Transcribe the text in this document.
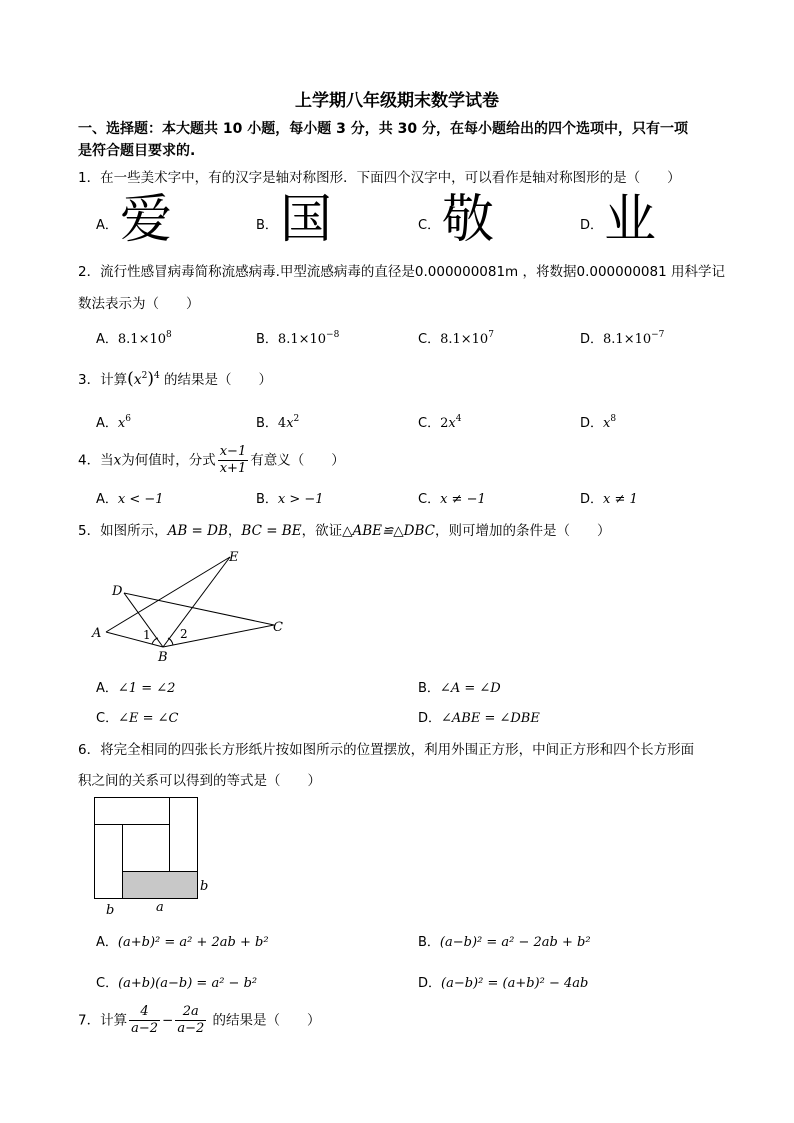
上学期八年级期末数学试卷
一、选择题：本大题共 10 小题，每小题 3 分，共 30 分，在每小题给出的四个选项中，只有一项
是符合题目要求的.
1．在一些美术字中，有的汉字是轴对称图形．下面四个汉字中，可以看作是轴对称图形的是（　　）
A． 爱	B． 国	C． 敬	D． 业
2．流行性感冒病毒简称流感病毒.甲型流感病毒的直径是0.000000081m ，将数据0.000000081 用科学记
数法表示为（　　）
A．$8.1\times 10^8$	B．$8.1\times 10^{-8}$	C．$8.1\times 10^7$	D．$8.1\times 10^{-7}$
3．计算$(x^2)^4$ 的结果是（　　）
A．$x^6$	B．$4x^2$	C．$2x^4$	D．$x^8$
4．当x为何值时，分式 $\frac{x-1}{x+1}$ 有意义（　　）
A．x < −1	B．x > −1	C．x ≠ −1	D．x ≠ 1
5．如图所示，AB = DB，BC = BE，欲证△ABE≌△DBC，则可增加的条件是（　　）
A
B
C
D
E
1 2
A．∠1 = ∠2	B．∠A = ∠D
C．∠E = ∠C	D．∠ABE = ∠DBE
6．将完全相同的四张长方形纸片按如图所示的位置摆放，利用外围正方形，中间正方形和四个长方形面
积之间的关系可以得到的等式是（　　）
b
b	a
A．(a+b)² = a² + 2ab + b²	B．(a−b)² = a² − 2ab + b²
C．(a+b)(a−b) = a² − b²	D．(a−b)² = (a+b)² − 4ab
7．计算 $\frac{4}{a-2} - \frac{2a}{a-2}$ 的结果是（　　）
